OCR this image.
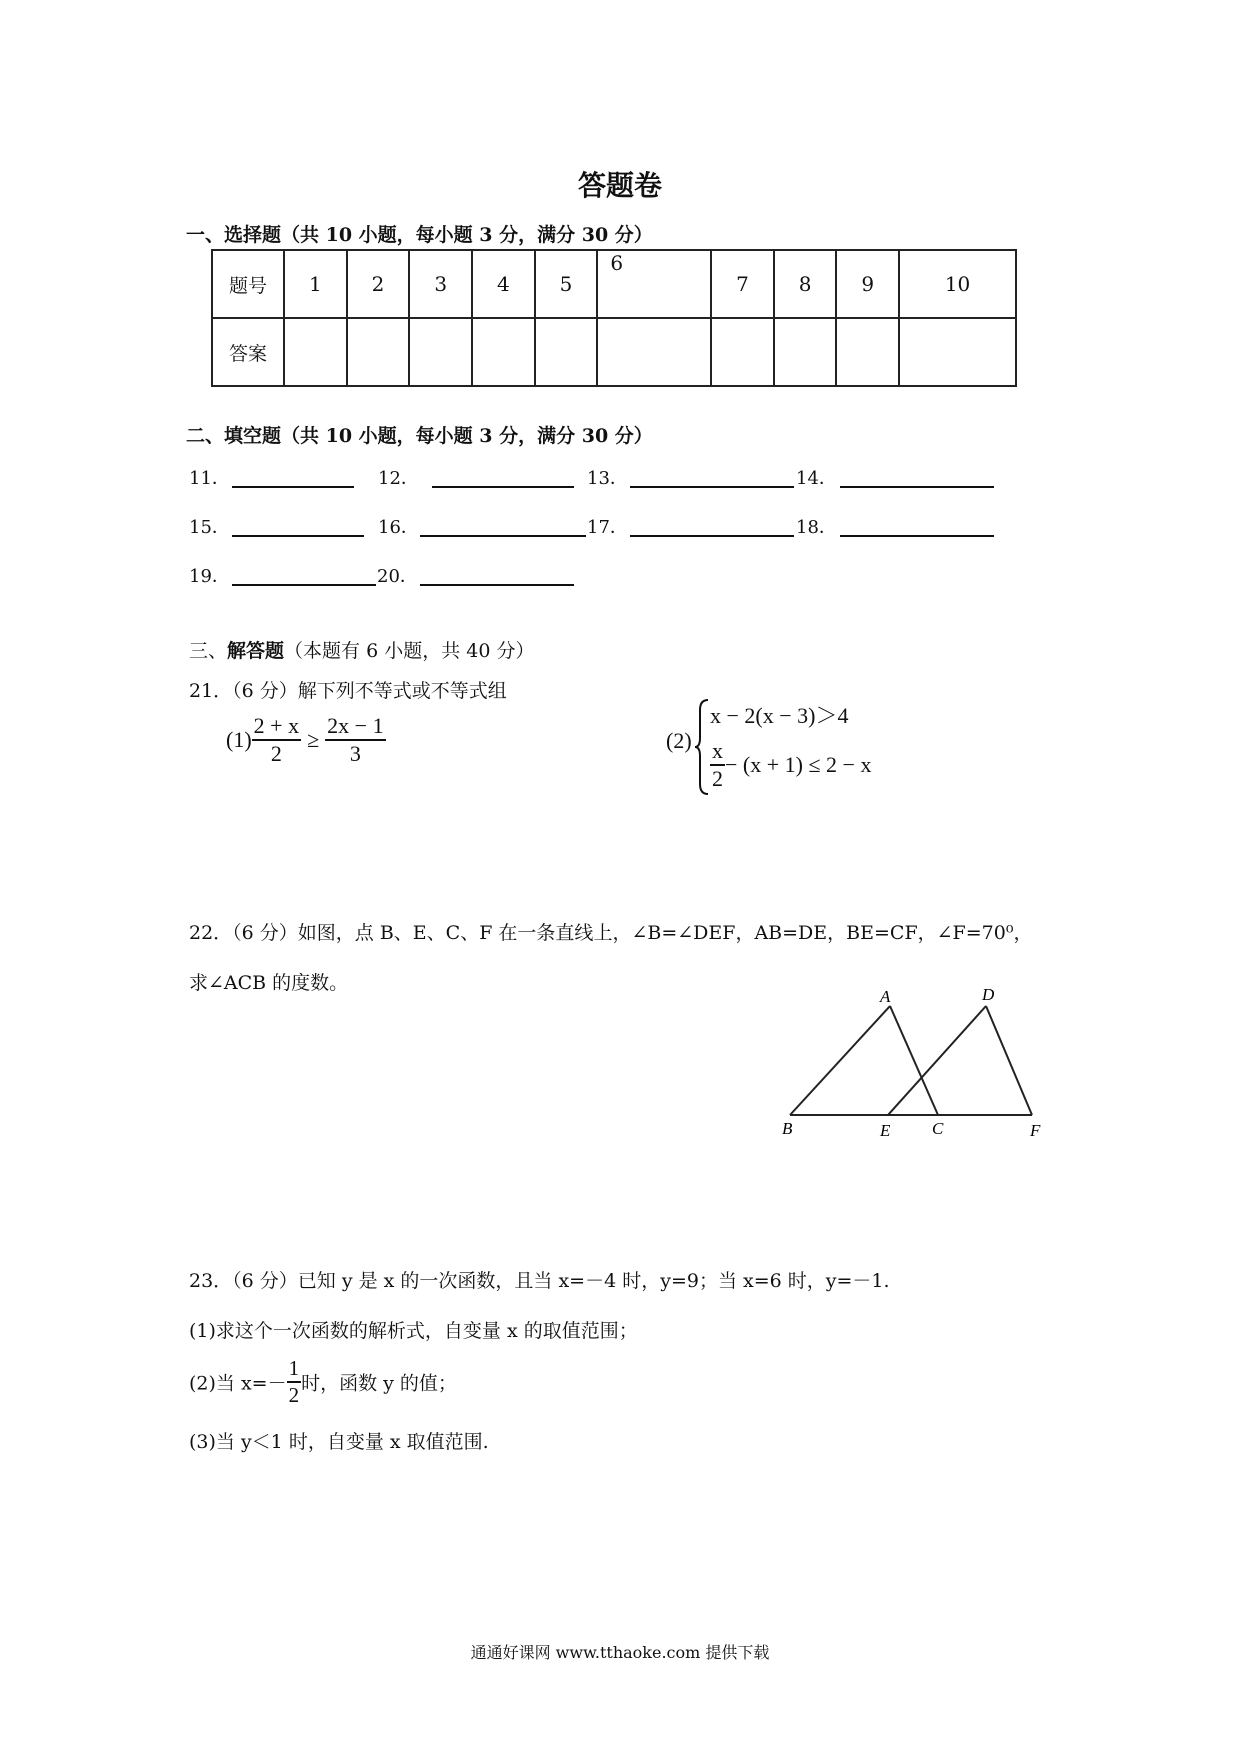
答题卷
一、选择题（共 10 小题，每小题 3 分，满分 30 分）
题号	1	2	3	4	5	6	7	8	9	10
答案										
二、填空题（共 10 小题，每小题 3 分，满分 30 分）
11．	12．	13．	14．
15．	16．	17．	18．
19．	20．
三、解答题（本题有 6 小题，共 40 分）
21．（6 分）解下列不等式或不等式组
$(1) \frac{2 + x}{2} \ge \frac{2x - 1}{3}$	(2)
x − 2(x − 3)＞4
$\frac{x}{2} - (x + 1) \le 2 - x$
22．（6 分）如图，点 B、E、C、F 在一条直线上，∠B=∠DEF，AB=DE，BE=CF，∠F=70⁰，
求∠ACB 的度数。
A
B	C
D
E	F
23．（6 分）已知 y 是 x 的一次函数，且当 x=－4 时，y=9；当 x=6 时，y=－1.
(1)求这个一次函数的解析式，自变量 x 的取值范围；
(2)当 $x=- \frac{1}{2}$ 时，函数 y 的值；
(3)当 y＜1 时，自变量 x 取值范围.
通通好课网 www.tthaoke.com 提供下载
